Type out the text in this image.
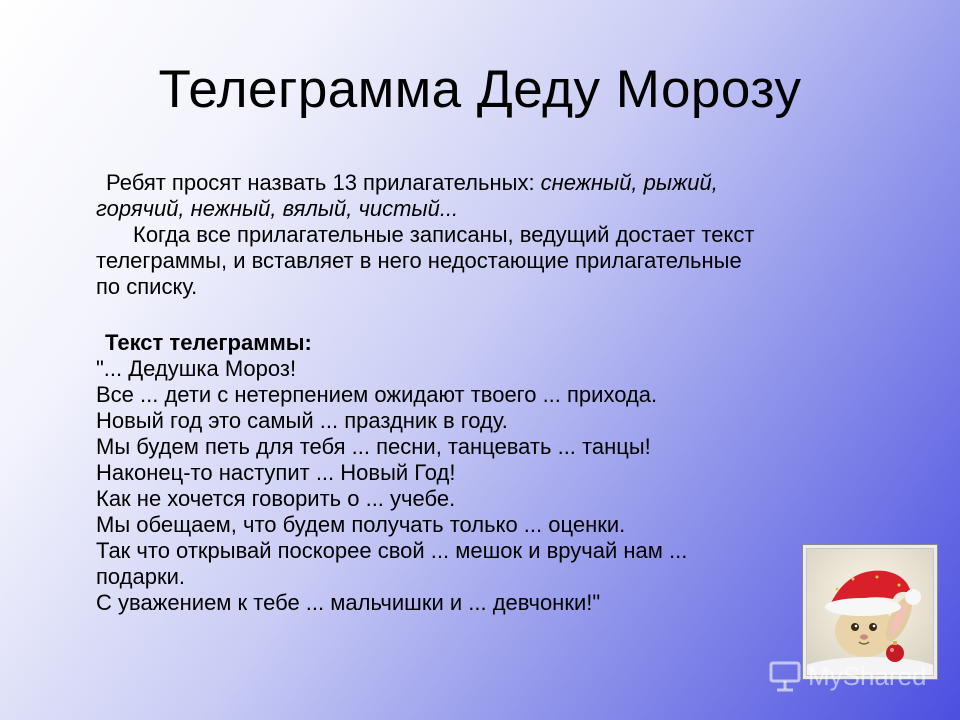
Телеграмма Деду Морозу
Ребят просят назвать 13 прилагательных: снежный, рыжий,
горячий, нежный, вялый, чистый...
Когда все прилагательные записаны, ведущий достает текст
телеграммы, и вставляет в него недостающие прилагательные
по списку.
Текст телеграммы:
"... Дедушка Мороз!
Все ... дети с нетерпением ожидают твоего ... прихода.
Новый год это самый ... праздник в году.
Мы будем петь для тебя ... песни, танцевать ... танцы!
Наконец-то наступит ... Новый Год!
Как не хочется говорить о ... учебе.
Мы обещаем, что будем получать только ... оценки.
Так что открывай поскорее свой ... мешок и вручай нам ...
подарки.
С уважением к тебе ... мальчишки и ... девчонки!"
MyShared
